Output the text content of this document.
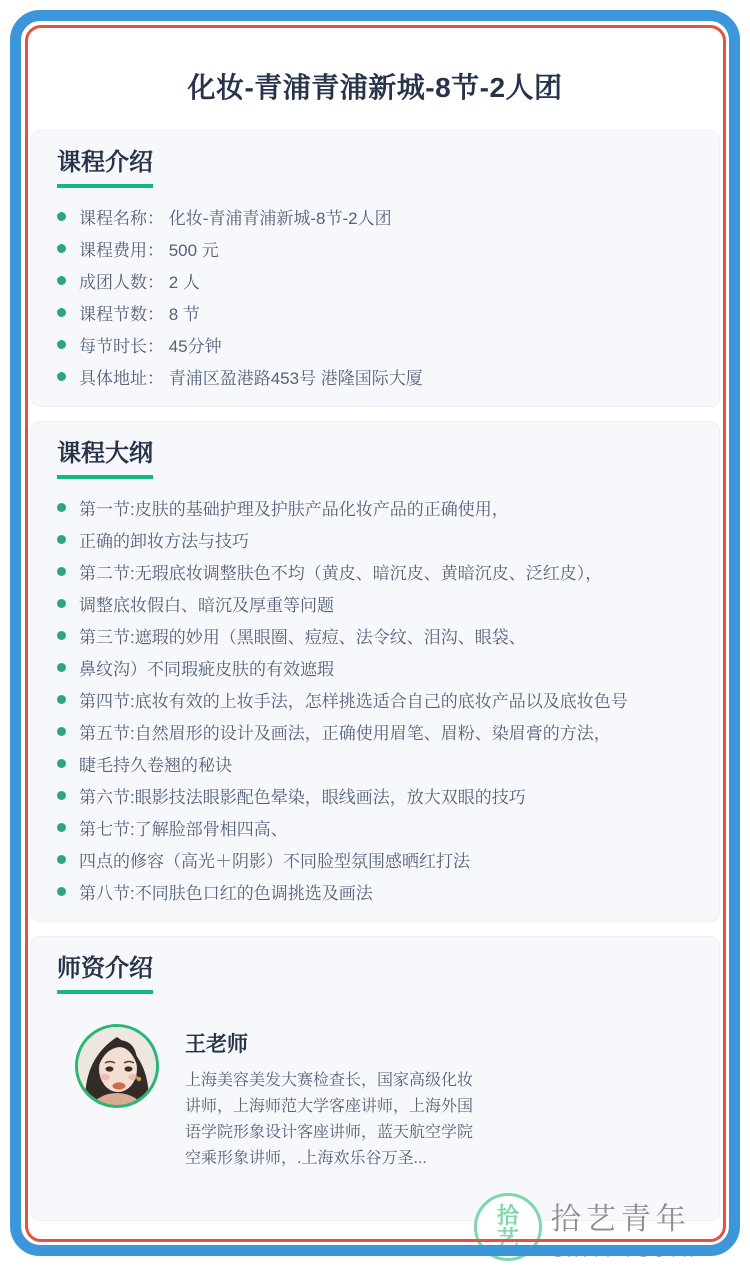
化妆-青浦青浦新城-8节-2人团
课程介绍
课程名称： 化妆-青浦青浦新城-8节-2人团
课程费用： 500 元
成团人数： 2 人
课程节数： 8 节
每节时长： 45分钟
具体地址： 青浦区盈港路453号 港隆国际大厦
课程大纲
第一节:皮肤的基础护理及护肤产品化妆产品的正确使用，
正确的卸妆方法与技巧
第二节:无瑕底妆调整肤色不均（黄皮、暗沉皮、黄暗沉皮、泛红皮），
调整底妆假白、暗沉及厚重等问题
第三节:遮瑕的妙用（黑眼圈、痘痘、法令纹、泪沟、眼袋、
鼻纹沟）不同瑕疵皮肤的有效遮瑕
第四节:底妆有效的上妆手法，怎样挑选适合自己的底妆产品以及底妆色号
第五节:自然眉形的设计及画法，正确使用眉笔、眉粉、染眉膏的方法，
睫毛持久卷翘的秘诀
第六节:眼影技法眼影配色晕染，眼线画法，放大双眼的技巧
第七节:了解脸部骨相四高、
四点的修容（高光＋阴影）不同脸型氛围感晒红打法
第八节:不同肤色口红的色调挑选及画法
师资介绍
王老师
上海美容美发大赛检查长，国家高级化妆讲师，上海师范大学客座讲师，上海外国语学院形象设计客座讲师，蓝天航空学院空乘形象讲师，.上海欢乐谷万圣...
拾
艺
拾艺青年
SHIYI YOUTH
